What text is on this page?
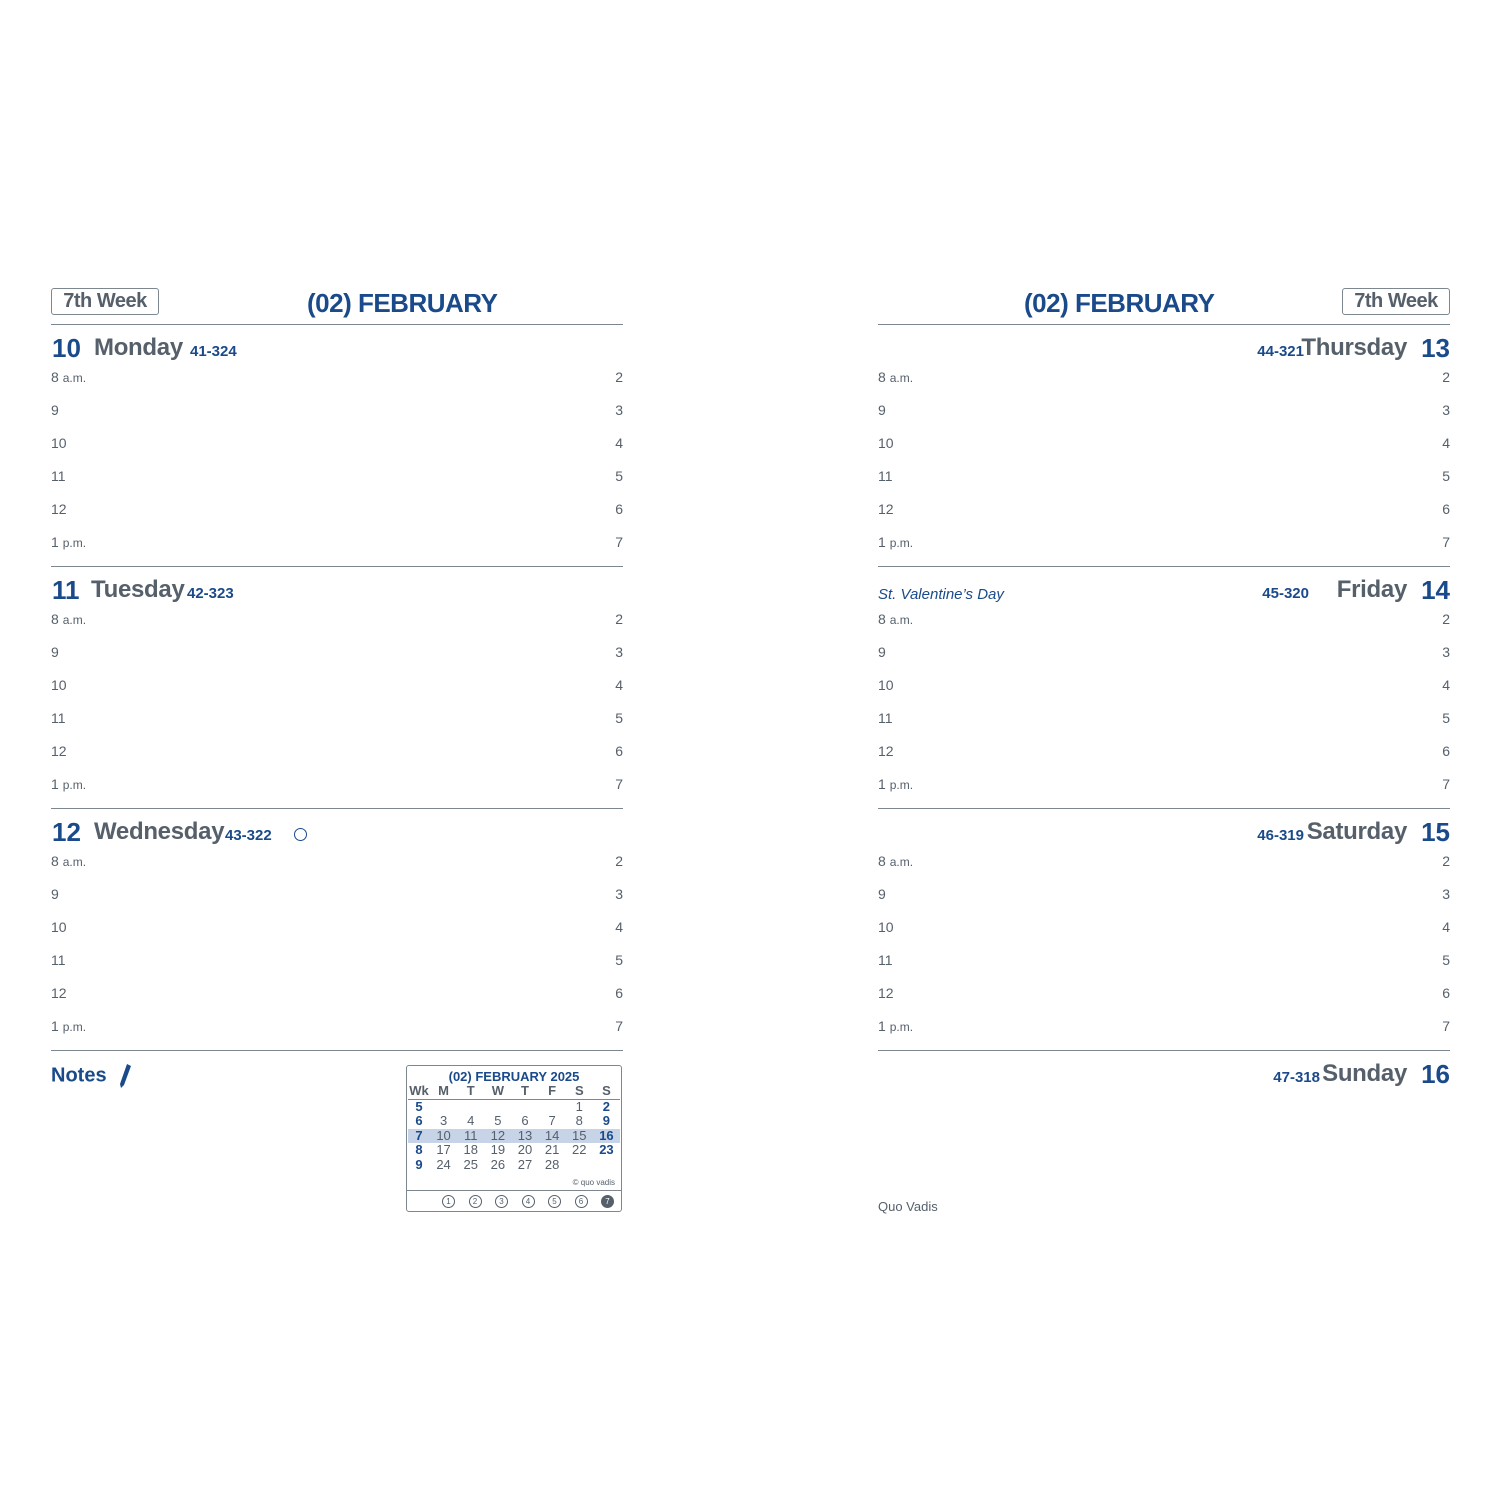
7th Week	(02) FEBRUARY
10 Monday 41-324
8 a.m.	2
9	3
10	4
11	5
12	6
1 p.m.	7
11 Tuesday 42-323
8 a.m.	2
9	3
10	4
11	5
12	6
1 p.m.	7
12 Wednesday 43-322
8 a.m.	2
9	3
10	4
11	5
12	6
1 p.m.	7
Notes	(02) FEBRUARY 2025
Wk	M	T	W	T	F	S	S
5						1	2
6	3	4	5	6	7	8	9
7	10	11	12	13	14	15	16
8	17	18	19	20	21	22	23
9	24	25	26	27	28		
© quo vadis
1	2	3	4	5	6	7
(02) FEBRUARY	7th Week
44-321
Thursday 13
8 a.m.	2
9	3
10	4
11	5
12	6
1 p.m.	7
St. Valentine’s Day	45-320 Friday 14
8 a.m.	2
9	3
10	4
11	5
12	6
1 p.m.	7
46-319 Saturday 15
8 a.m.	2
9	3
10	4
11	5
12	6
1 p.m.	7
47-318 Sunday 16
Quo Vadis
